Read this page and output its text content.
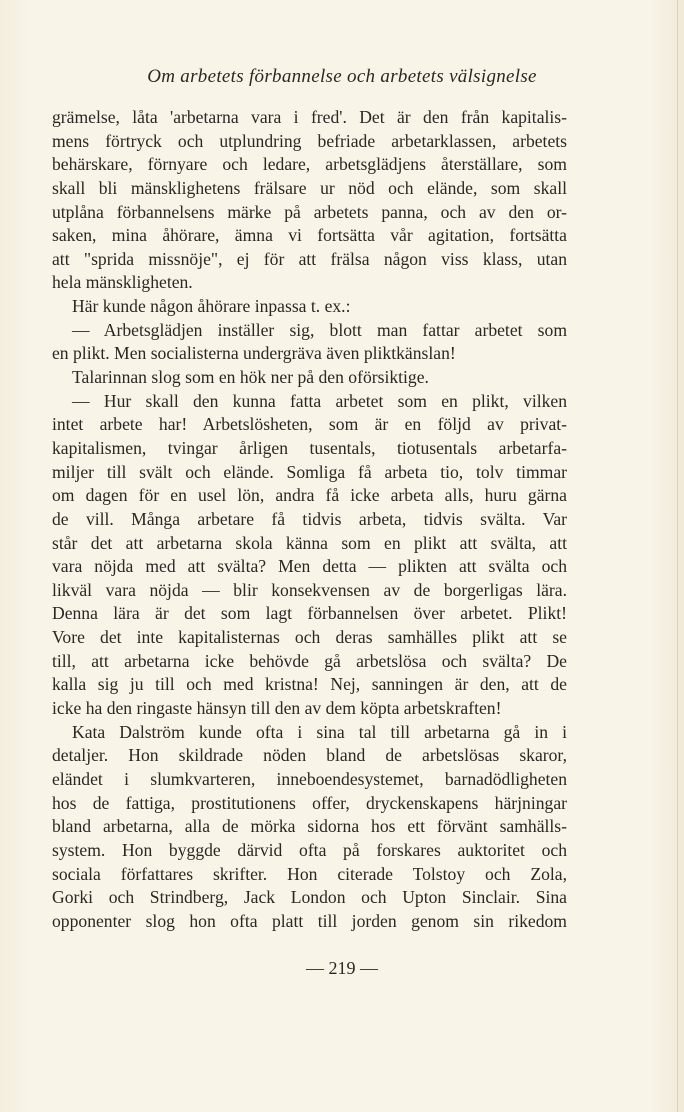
Om arbetets förbannelse och arbetets välsignelse
grämelse, låta 'arbetarna vara i fred'. Det är den från kapitalis-
mens förtryck och utplundring befriade arbetarklassen, arbetets
behärskare, förnyare och ledare, arbetsglädjens återställare, som
skall bli mänsklighetens frälsare ur nöd och elände, som skall
utplåna förbannelsens märke på arbetets panna, och av den or-
saken, mina åhörare, ämna vi fortsätta vår agitation, fortsätta
att "sprida missnöje", ej för att frälsa någon viss klass, utan
hela mänskligheten.
Här kunde någon åhörare inpassa t. ex.:
— Arbetsglädjen inställer sig, blott man fattar arbetet som
en plikt. Men socialisterna undergräva även pliktkänslan!
Talarinnan slog som en hök ner på den oförsiktige.
— Hur skall den kunna fatta arbetet som en plikt, vilken
intet arbete har! Arbetslösheten, som är en följd av privat-
kapitalismen, tvingar årligen tusentals, tiotusentals arbetarfa-
miljer till svält och elände. Somliga få arbeta tio, tolv timmar
om dagen för en usel lön, andra få icke arbeta alls, huru gärna
de vill. Många arbetare få tidvis arbeta, tidvis svälta. Var
står det att arbetarna skola känna som en plikt att svälta, att
vara nöjda med att svälta? Men detta — plikten att svälta och
likväl vara nöjda — blir konsekvensen av de borgerligas lära.
Denna lära är det som lagt förbannelsen över arbetet. Plikt!
Vore det inte kapitalisternas och deras samhälles plikt att se
till, att arbetarna icke behövde gå arbetslösa och svälta? De
kalla sig ju till och med kristna! Nej, sanningen är den, att de
icke ha den ringaste hänsyn till den av dem köpta arbetskraften!
Kata Dalström kunde ofta i sina tal till arbetarna gå in i
detaljer. Hon skildrade nöden bland de arbetslösas skaror,
eländet i slumkvarteren, inneboendesystemet, barnadödligheten
hos de fattiga, prostitutionens offer, dryckenskapens härjningar
bland arbetarna, alla de mörka sidorna hos ett förvänt samhälls-
system. Hon byggde därvid ofta på forskares auktoritet och
sociala författares skrifter. Hon citerade Tolstoy och Zola,
Gorki och Strindberg, Jack London och Upton Sinclair. Sina
opponenter slog hon ofta platt till jorden genom sin rikedom
— 219 —
